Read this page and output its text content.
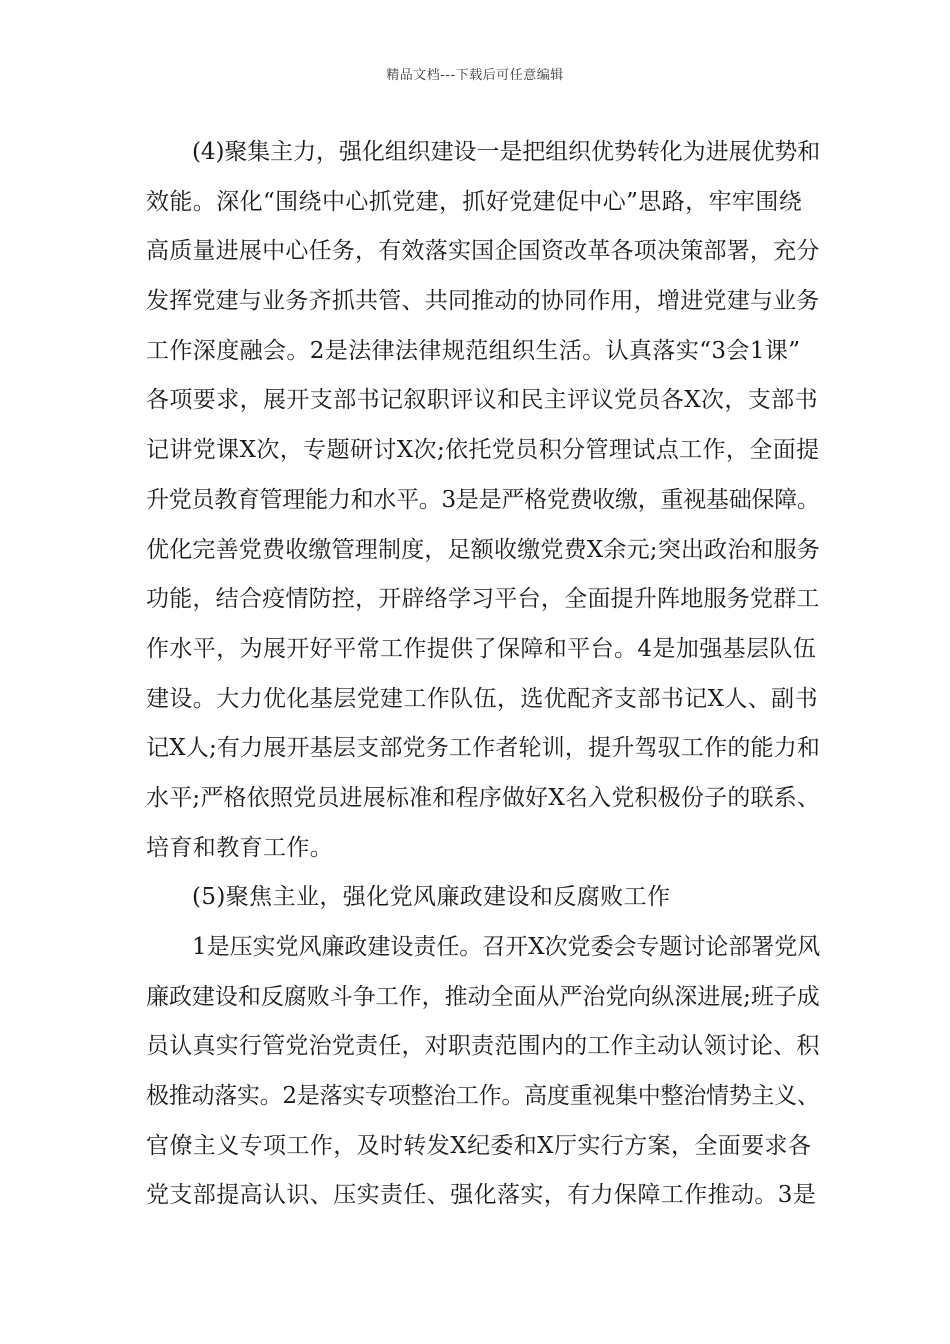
精品文档---下载后可任意编辑
(4)聚集主力，强化组织建设一是把组织优势转化为进展优势和
效能。深化“围绕中心抓党建，抓好党建促中心”思路，牢牢围绕
高质量进展中心任务，有效落实国企国资改革各项决策部署，充分
发挥党建与业务齐抓共管、共同推动的协同作用，增进党建与业务
工作深度融会。2是法律法律规范组织生活。认真落实“3会1课”
各项要求，展开支部书记叙职评议和民主评议党员各X次，支部书
记讲党课X次，专题研讨X次;依托党员积分管理试点工作，全面提
升党员教育管理能力和水平。3是是严格党费收缴，重视基础保障。
优化完善党费收缴管理制度，足额收缴党费X余元;突出政治和服务
功能，结合疫情防控，开辟络学习平台，全面提升阵地服务党群工
作水平，为展开好平常工作提供了保障和平台。4是加强基层队伍
建设。大力优化基层党建工作队伍，选优配齐支部书记X人、副书
记X人;有力展开基层支部党务工作者轮训，提升驾驭工作的能力和
水平;严格依照党员进展标准和程序做好X名入党积极份子的联系、
培育和教育工作。
(5)聚焦主业，强化党风廉政建设和反腐败工作
1是压实党风廉政建设责任。召开X次党委会专题讨论部署党风
廉政建设和反腐败斗争工作，推动全面从严治党向纵深进展;班子成
员认真实行管党治党责任，对职责范围内的工作主动认领讨论、积
极推动落实。2是落实专项整治工作。高度重视集中整治情势主义、
官僚主义专项工作，及时转发X纪委和X厅实行方案，全面要求各
党支部提高认识、压实责任、强化落实，有力保障工作推动。3是
